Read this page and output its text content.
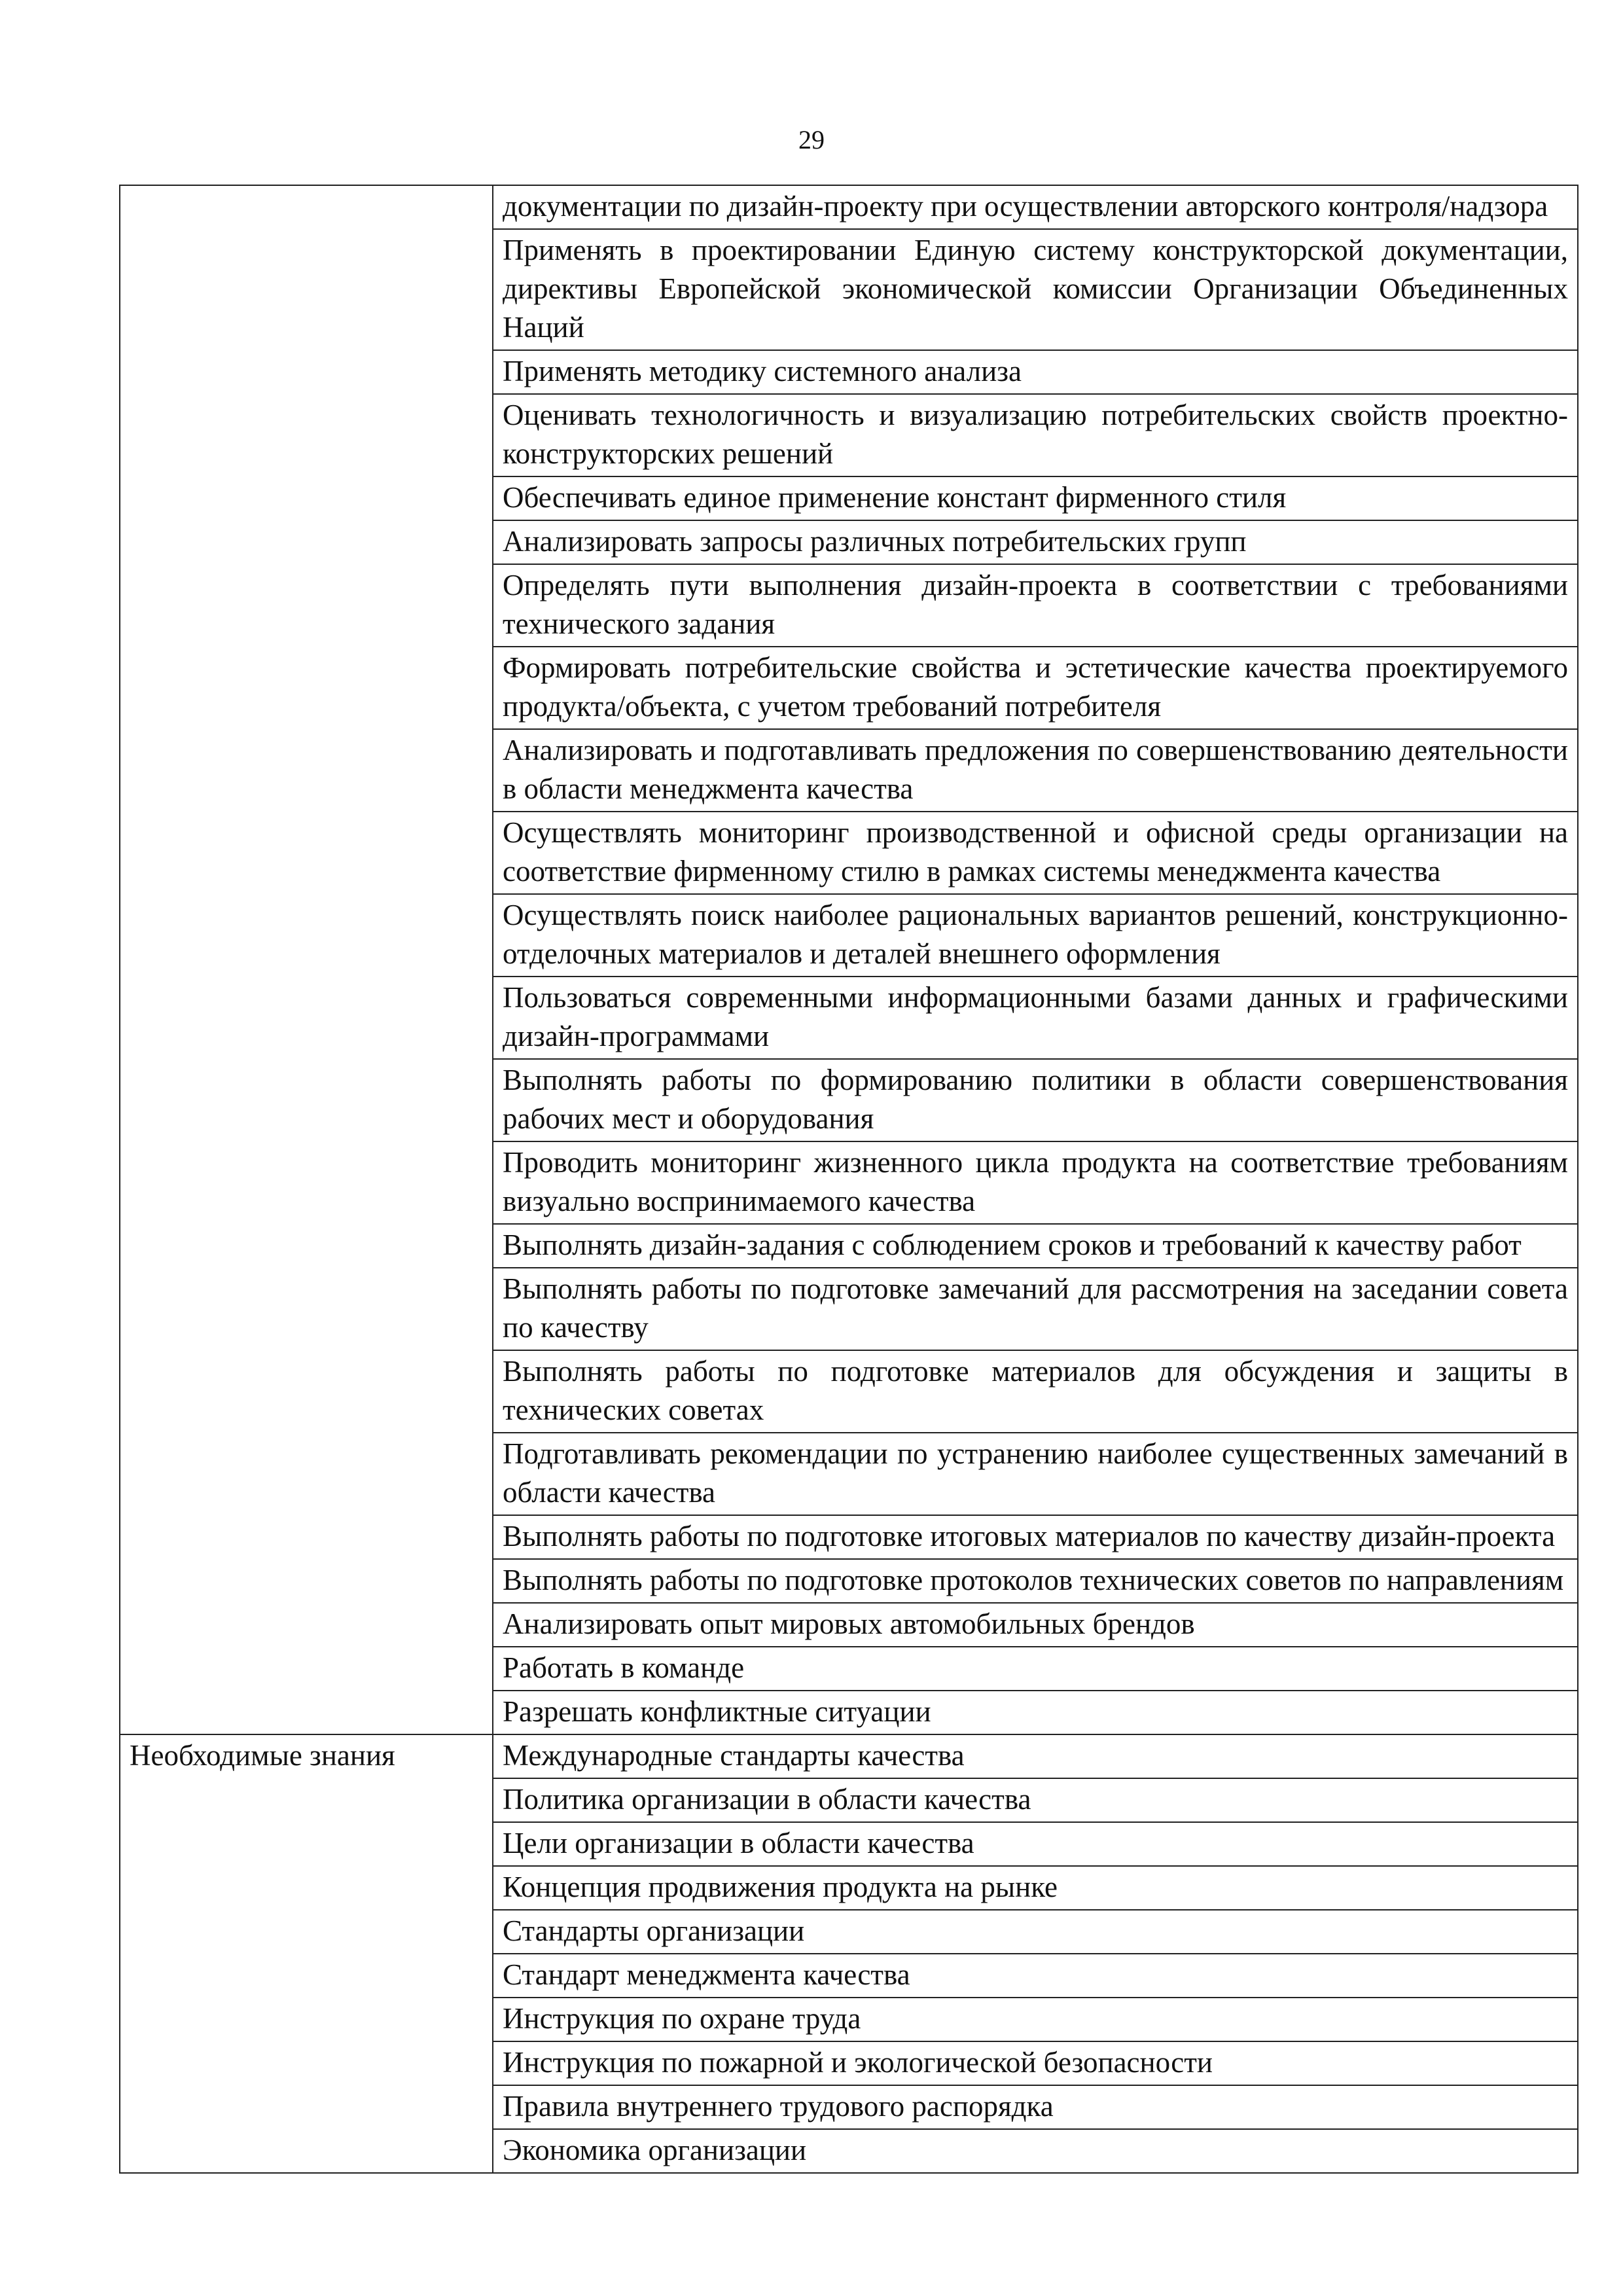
29
	документации по дизайн-проекту при осуществлении авторского контроля/надзора
	Применять в проектировании Единую систему конструкторской документации, директивы Европейской экономической комиссии Организации Объединенных Наций
	Применять методику системного анализа
	Оценивать технологичность и визуализацию потребительских свойств проектно-конструкторских решений
	Обеспечивать единое применение констант фирменного стиля
	Анализировать запросы различных потребительских групп
	Определять пути выполнения дизайн-проекта в соответствии с требованиями технического задания
	Формировать потребительские свойства и эстетические качества проектируемого продукта/объекта, с учетом требований потребителя
	Анализировать и подготавливать предложения по совершенствованию деятельности в области менеджмента качества
	Осуществлять мониторинг производственной и офисной среды организации на соответствие фирменному стилю в рамках системы менеджмента качества
	Осуществлять поиск наиболее рациональных вариантов решений, конструкционно-отделочных материалов и деталей внешнего оформления
	Пользоваться современными информационными базами данных и графическими дизайн-программами
	Выполнять работы по формированию политики в области совершенствования рабочих мест и оборудования
	Проводить мониторинг жизненного цикла продукта на соответствие требованиям визуально воспринимаемого качества
	Выполнять дизайн-задания с соблюдением сроков и требований к качеству работ
	Выполнять работы по подготовке замечаний для рассмотрения на заседании совета по качеству
	Выполнять работы по подготовке материалов для обсуждения и защиты в технических советах
	Подготавливать рекомендации по устранению наиболее существенных замечаний в области качества
	Выполнять работы по подготовке итоговых материалов по качеству дизайн-проекта
	Выполнять работы по подготовке протоколов технических советов по направлениям
	Анализировать опыт мировых автомобильных брендов
	Работать в команде
	Разрешать конфликтные ситуации
Необходимые знания	Международные стандарты качества
	Политика организации в области качества
	Цели организации в области качества
	Концепция продвижения продукта на рынке
	Стандарты организации
	Стандарт менеджмента качества
	Инструкция по охране труда
	Инструкция по пожарной и экологической безопасности
	Правила внутреннего трудового распорядка
	Экономика организации
